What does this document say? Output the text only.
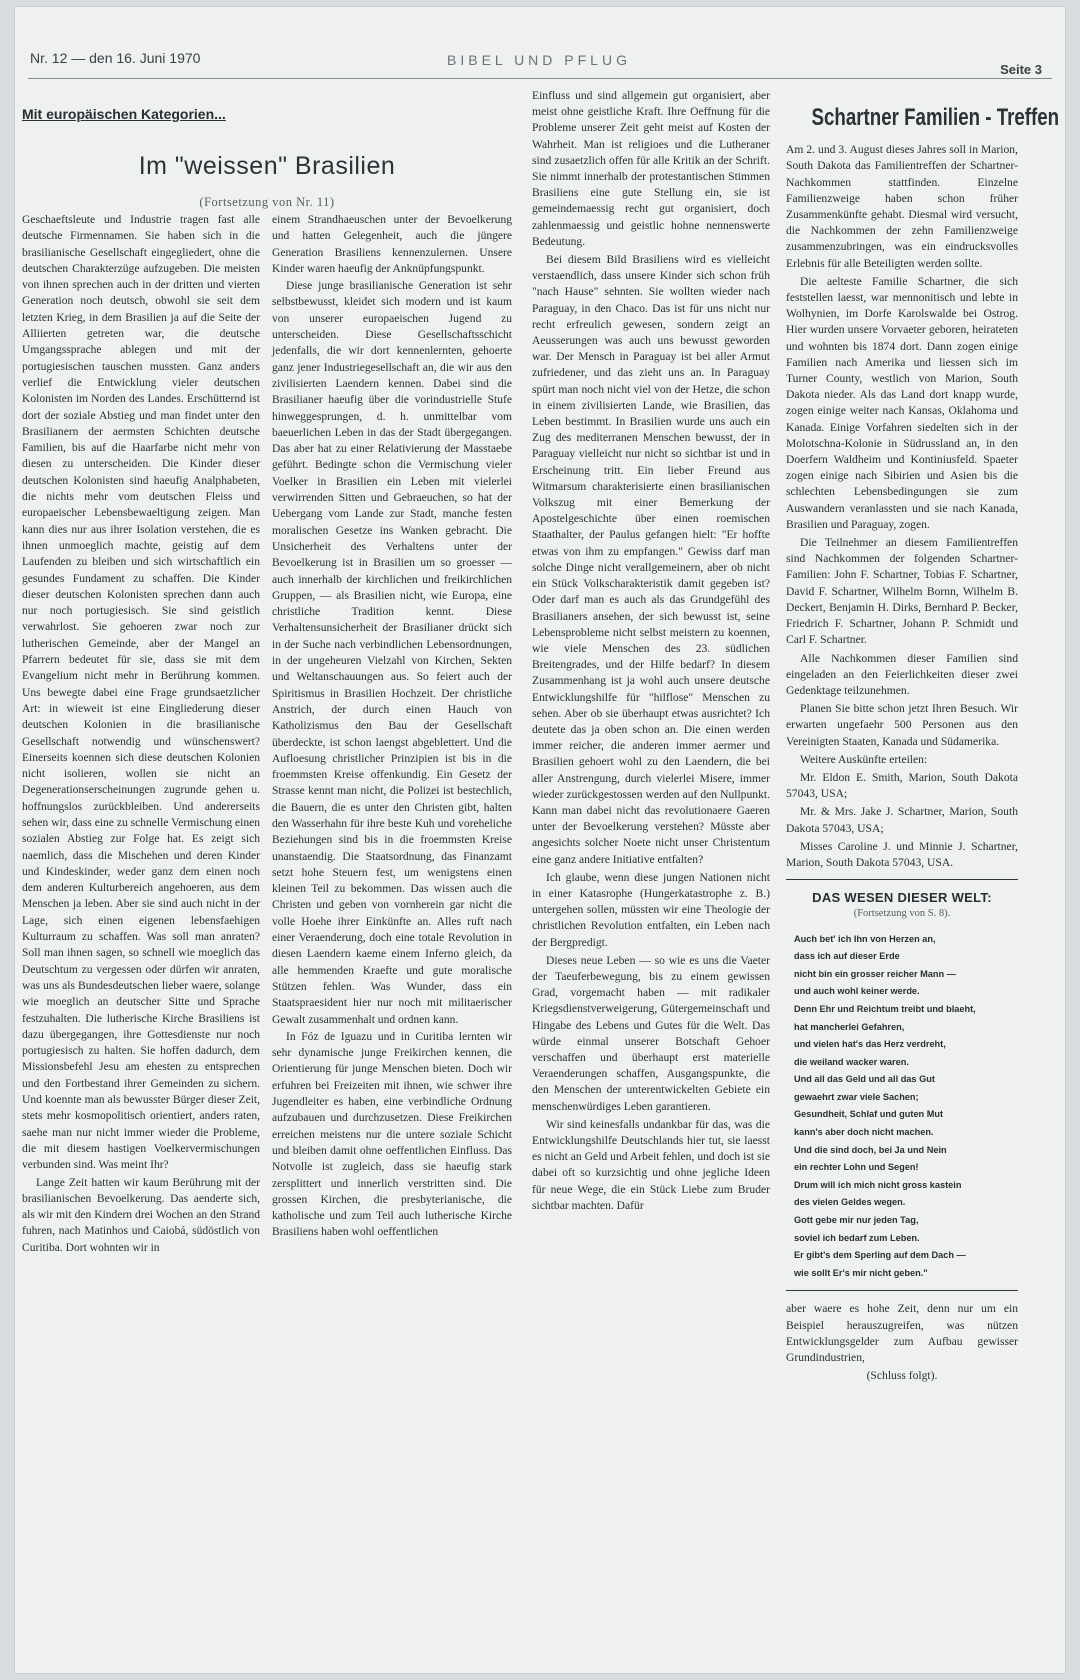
Nr. 12 — den 16. Juni 1970	BIBEL UND PFLUG
Seite 3
Mit europäischen Kategorien...
Im "weissen" Brasilien
(Fortsetzung von Nr. 11)

Geschaeftsleute und Industrie tragen fast alle deutsche Firmennamen. Sie haben sich in die brasilianische Gesellschaft eingegliedert, ohne die deutschen Charakterzüge aufzugeben. Die meisten von ihnen sprechen auch in der dritten und vierten Generation noch deutsch, obwohl sie seit dem letzten Krieg, in dem Brasilien ja auf die Seite der Alliierten getreten war, die deutsche Umgangssprache ablegen und mit der portugiesischen tauschen mussten. Ganz anders verlief die Entwicklung vieler deutschen Kolonisten im Norden des Landes. Erschütternd ist dort der soziale Abstieg und man findet unter den Brasilianern der aermsten Schichten deutsche Familien, bis auf die Haarfarbe nicht mehr von diesen zu unterscheiden. Die Kinder dieser deutschen Kolonisten sind haeufig Analphabeten, die nichts mehr vom deutschen Fleiss und europaeischer Lebensbewaeltigung zeigen. Man kann dies nur aus ihrer Isolation verstehen, die es ihnen unmoeglich machte, geistig auf dem Laufenden zu bleiben und sich wirtschaftlich ein gesundes Fundament zu schaffen. Die Kinder dieser deutschen Kolonisten sprechen dann auch nur noch portugiesisch. Sie sind geistlich verwahrlost. Sie gehoeren zwar noch zur lutherischen Gemeinde, aber der Mangel an Pfarrern bedeutet für sie, dass sie mit dem Evangelium nicht mehr in Berührung kommen. Uns bewegte dabei eine Frage grundsaetzlicher Art: in wieweit ist eine Eingliederung dieser deutschen Kolonien in die brasilianische Gesellschaft notwendig und wünschenswert? Einerseits koennen sich diese deutschen Kolonien nicht isolieren, wollen sie nicht an Degenerationserscheinungen zugrunde gehen u. hoffnungslos zurückbleiben. Und andererseits sehen wir, dass eine zu schnelle Vermischung einen sozialen Abstieg zur Folge hat. Es zeigt sich naemlich, dass die Mischehen und deren Kinder und Kindeskinder, weder ganz dem einen noch dem anderen Kulturbereich angehoeren, aus dem Menschen ja leben. Aber sie sind auch nicht in der Lage, sich einen eigenen lebensfaehigen Kulturraum zu schaffen. Was soll man anraten? Soll man ihnen sagen, so schnell wie moeglich das Deutschtum zu vergessen oder dürfen wir anraten, was uns als Bundesdeutschen lieber waere, solange wie moeglich an deutscher Sitte und Sprache festzuhalten. Die lutherische Kirche Brasiliens ist dazu übergegangen, ihre Gottesdienste nur noch portugiesisch zu halten. Sie hoffen dadurch, dem Missionsbefehl Jesu am ehesten zu entsprechen und den Fortbestand ihrer Gemeinden zu sichern. Und koennte man als bewusster Bürger dieser Zeit, stets mehr kosmopolitisch orientiert, anders raten, saehe man nur nicht immer wieder die Probleme, die mit diesem hastigen Voelkervermischungen verbunden sind. Was meint Ihr?

Lange Zeit hatten wir kaum Berührung mit der brasilianischen Bevoelkerung. Das aenderte sich, als wir mit den Kindern drei Wochen an den Strand fuhren, nach Matinhos und Caiobá, südöstlich von Curitiba. Dort wohnten wir in

einem Strandhaeuschen unter der Bevoelkerung und hatten Gelegenheit, auch die jüngere Generation Brasiliens kennenzulernen. Unsere Kinder waren haeufig der Anknüpfungspunkt.

Diese junge brasilianische Generation ist sehr selbstbewusst, kleidet sich modern und ist kaum von unserer europaeischen Jugend zu unterscheiden. Diese Gesellschaftsschicht jedenfalls, die wir dort kennenlernten, gehoerte ganz jener Industriegesellschaft an, die wir aus den zivilisierten Laendern kennen. Dabei sind die Brasilianer haeufig über die vorindustrielle Stufe hinweggesprungen, d. h. unmittelbar vom baeuerlichen Leben in das der Stadt übergegangen. Das aber hat zu einer Relativierung der Masstaebe geführt. Bedingte schon die Vermischung vieler Voelker in Brasilien ein Leben mit vielerlei verwirrenden Sitten und Gebraeuchen, so hat der Uebergang vom Lande zur Stadt, manche festen moralischen Gesetze ins Wanken gebracht. Die Unsicherheit des Verhaltens unter der Bevoelkerung ist in Brasilien um so groesser — auch innerhalb der kirchlichen und freikirchlichen Gruppen, — als Brasilien nicht, wie Europa, eine christliche Tradition kennt. Diese Verhaltensunsicherheit der Brasilianer drückt sich in der Suche nach verbindlichen Lebensordnungen, in der ungeheuren Vielzahl von Kirchen, Sekten und Weltanschauungen aus. So feiert auch der Spiritismus in Brasilien Hochzeit. Der christliche Anstrich, der durch einen Hauch von Katholizismus den Bau der Gesellschaft überdeckte, ist schon laengst abgeblettert. Und die Aufloesung christlicher Prinzipien ist bis in die froemmsten Kreise offenkundig. Ein Gesetz der Strasse kennt man nicht, die Polizei ist bestechlich, die Bauern, die es unter den Christen gibt, halten den Wasserhahn für ihre beste Kuh und voreheliche Beziehungen sind bis in die froemmsten Kreise unanstaendig. Die Staatsordnung, das Finanzamt setzt hohe Steuern fest, um wenigstens einen kleinen Teil zu bekommen. Das wissen auch die Christen und geben von vornherein gar nicht die volle Hoehe ihrer Einkünfte an. Alles ruft nach einer Veraenderung, doch eine totale Revolution in diesen Laendern kaeme einem Inferno gleich, da alle hemmenden Kraefte und gute moralische Stützen fehlen. Was Wunder, dass ein Staatspraesident hier nur noch mit militaerischer Gewalt zusammenhalt und ordnen kann.

In Fóz de Iguazu und in Curitiba lernten wir sehr dynamische junge Freikirchen kennen, die Orientierung für junge Menschen bieten. Doch wir erfuhren bei Freizeiten mit ihnen, wie schwer ihre Jugendleiter es haben, eine verbindliche Ordnung aufzubauen und durchzusetzen. Diese Freikirchen erreichen meistens nur die untere soziale Schicht und bleiben damit ohne oeffentlichen Einfluss. Das Notvolle ist zugleich, dass sie haeufig stark zersplittert und innerlich verstritten sind. Die grossen Kirchen, die presbyterianische, die katholische und zum Teil auch lutherische Kirche Brasiliens haben wohl oeffentlichen

Einfluss und sind allgemein gut organisiert, aber meist ohne geistliche Kraft. Ihre Oeffnung für die Probleme unserer Zeit geht meist auf Kosten der Wahrheit. Man ist religioes und die Lutheraner sind zusaetzlich offen für alle Kritik an der Schrift. Sie nimmt innerhalb der protestantischen Stimmen Brasiliens eine gute Stellung ein, sie ist gemeindemaessig recht gut organisiert, doch zahlenmaessig und geistlic hohne nennenswerte Bedeutung.

Bei diesem Bild Brasiliens wird es vielleicht verstaendlich, dass unsere Kinder sich schon früh "nach Hause" sehnten. Sie wollten wieder nach Paraguay, in den Chaco. Das ist für uns nicht nur recht erfreulich gewesen, sondern zeigt an Aeusserungen was auch uns bewusst geworden war. Der Mensch in Paraguay ist bei aller Armut zufriedener, und das zieht uns an. In Paraguay spürt man noch nicht viel von der Hetze, die schon in einem zivilisierten Lande, wie Brasilien, das Leben bestimmt. In Brasilien wurde uns auch ein Zug des mediterranen Menschen bewusst, der in Paraguay vielleicht nur nicht so sichtbar ist und in Erscheinung tritt. Ein lieber Freund aus Witmarsum charakterisierte einen brasilianischen Volkszug mit einer Bemerkung der Apostelgeschichte über einen roemischen Staathalter, der Paulus gefangen hielt: "Er hoffte etwas von ihm zu empfangen." Gewiss darf man solche Dinge nicht verallgemeinern, aber ob nicht ein Stück Volkscharakteristik damit gegeben ist? Oder darf man es auch als das Grundgefühl des Brasilianers ansehen, der sich bewusst ist, seine Lebensprobleme nicht selbst meistern zu koennen, wie viele Menschen des 23. südlichen Breitengrades, und der Hilfe bedarf? In diesem Zusammenhang ist ja wohl auch unsere deutsche Entwicklungshilfe für "hilflose" Menschen zu sehen. Aber ob sie überhaupt etwas ausrichtet? Ich deutete das ja oben schon an. Die einen werden immer reicher, die anderen immer aermer und Brasilien gehoert wohl zu den Laendern, die bei aller Anstrengung, durch vielerlei Misere, immer wieder zurückgestossen werden auf den Nullpunkt. Kann man dabei nicht das revolutionaere Gaeren unter der Bevoelkerung verstehen? Müsste aber angesichts solcher Noete nicht unser Christentum eine ganz andere Initiative entfalten?

Ich glaube, wenn diese jungen Nationen nicht in einer Katasrophe (Hungerkatastrophe z. B.) untergehen sollen, müssten wir eine Theologie der christlichen Revolution entfalten, ein Leben nach der Bergpredigt.

Dieses neue Leben — so wie es uns die Vaeter der Taeuferbewegung, bis zu einem gewissen Grad, vorgemacht haben — mit radikaler Kriegsdienstverweigerung, Gütergemeinschaft und Hingabe des Lebens und Gutes für die Welt. Das würde einmal unserer Botschaft Gehoer verschaffen und überhaupt erst materielle Veraenderungen schaffen, Ausgangspunkte, die den Menschen der unterentwickelten Gebiete ein menschenwürdiges Leben garantieren.

Wir sind keinesfalls undankbar für das, was die Entwicklungshilfe Deutschlands hier tut, sie laesst es nicht an Geld und Arbeit fehlen, und doch ist sie dabei oft so kurzsichtig und ohne jegliche Ideen für neue Wege, die ein Stück Liebe zum Bruder sichtbar machten. Dafür

Schartner Familien - Treffen

Am 2. und 3. August dieses Jahres soll in Marion, South Dakota das Familientreffen der Schartner-Nachkommen stattfinden. Einzelne Familienzweige haben schon früher Zusammenkünfte gehabt. Diesmal wird versucht, die Nachkommen der zehn Familienzweige zusammenzubringen, was ein eindrucksvolles Erlebnis für alle Beteiligten werden sollte.

Die aelteste Familie Schartner, die sich feststellen laesst, war mennonitisch und lebte in Wolhynien, im Dorfe Karolswalde bei Ostrog. Hier wurden unsere Vorvaeter geboren, heirateten und wohnten bis 1874 dort. Dann zogen einige Familien nach Amerika und liessen sich im Turner County, westlich von Marion, South Dakota nieder. Als das Land dort knapp wurde, zogen einige weiter nach Kansas, Oklahoma und Kanada. Einige Vorfahren siedelten sich in der Molotschna-Kolonie in Südrussland an, in den Doerfern Waldheim und Kontiniusfeld. Spaeter zogen einige nach Sibirien und Asien bis die schlechten Lebensbedingungen sie zum Auswandern veranlassten und sie nach Kanada, Brasilien und Paraguay, zogen.

Die Teilnehmer an diesem Familientreffen sind Nachkommen der folgenden Schartner-Familien: John F. Schartner, Tobias F. Schartner, David F. Schartner, Wilhelm Bornn, Wilhelm B. Deckert, Benjamin H. Dirks, Bernhard P. Becker, Friedrich F. Schartner, Johann P. Schmidt und Carl F. Schartner.

Alle Nachkommen dieser Familien sind eingeladen an den Feierlichkeiten dieser zwei Gedenktage teilzunehmen.

Planen Sie bitte schon jetzt Ihren Besuch. Wir erwarten ungefaehr 500 Personen aus den Vereinigten Staaten, Kanada und Südamerika.

Weitere Auskünfte erteilen:

Mr. Eldon E. Smith, Marion, South Dakota 57043, USA;

Mr. & Mrs. Jake J. Schartner, Marion, South Dakota 57043, USA;

Misses Caroline J. und Minnie J. Schartner, Marion, South Dakota 57043, USA.

DAS WESEN DIESER WELT:
(Fortsetzung von S. 8).
Auch bet' ich Ihn von Herzen an,
dass ich auf dieser Erde
nicht bin ein grosser reicher Mann —
und auch wohl keiner werde.
Denn Ehr und Reichtum treibt und blaeht,
hat mancherlei Gefahren,
und vielen hat's das Herz verdreht,
die weiland wacker waren.
Und all das Geld und all das Gut
gewaehrt zwar viele Sachen;
Gesundheit, Schlaf und guten Mut
kann's aber doch nicht machen.
Und die sind doch, bei Ja und Nein
ein rechter Lohn und Segen!
Drum will ich mich nicht gross kastein
des vielen Geldes wegen.
Gott gebe mir nur jeden Tag,
soviel ich bedarf zum Leben.
Er gibt's dem Sperling auf dem Dach —
wie sollt Er's mir nicht geben."

aber waere es hohe Zeit, denn nur um ein Beispiel herauszugreifen, was nützen Entwicklungsgelder zum Aufbau gewisser Grundindustrien,

(Schluss folgt).
